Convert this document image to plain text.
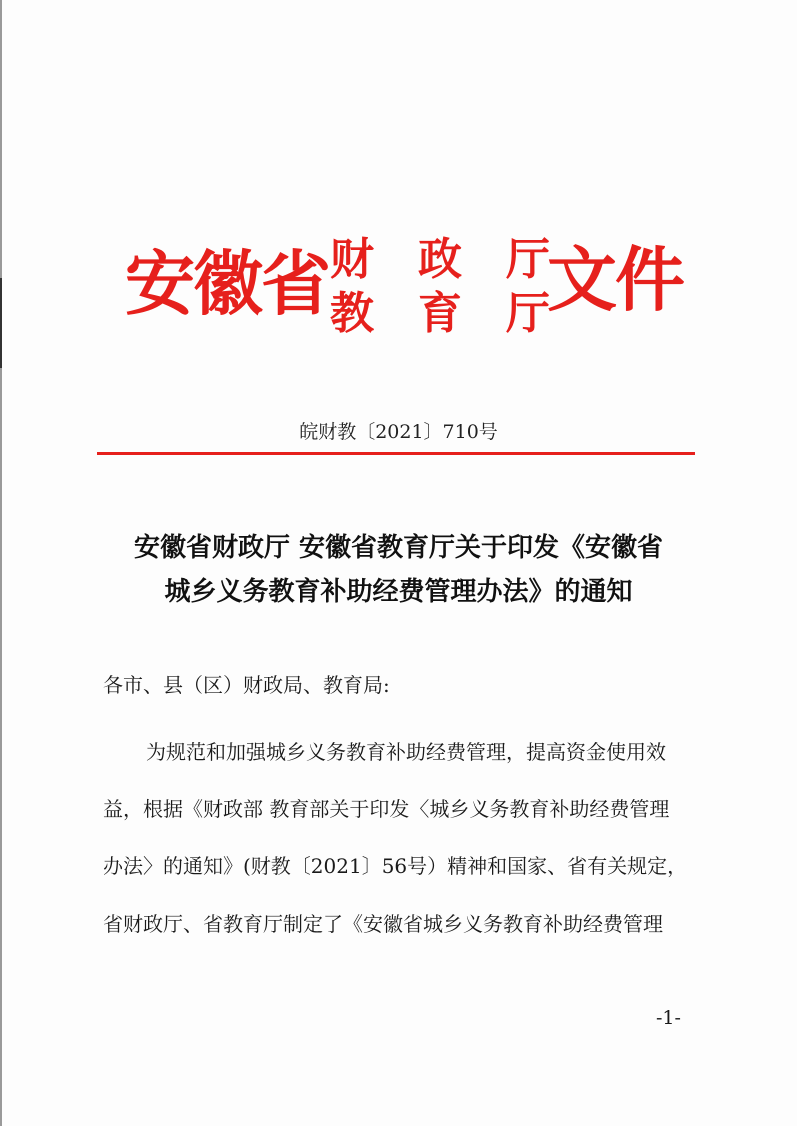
安徽省 财 政 厅
教 育 厅
文件
皖财教〔2021〕710号
安徽省财政厅 安徽省教育厅关于印发《安徽省
城乡义务教育补助经费管理办法》的通知
各市、县（区）财政局、教育局:
为规范和加强城乡义务教育补助经费管理，提高资金使用效
益，根据《财政部 教育部关于印发〈城乡义务教育补助经费管理
办法〉的通知》(财教〔2021〕56号）精神和国家、省有关规定，
省财政厅、省教育厅制定了《安徽省城乡义务教育补助经费管理
-1-
